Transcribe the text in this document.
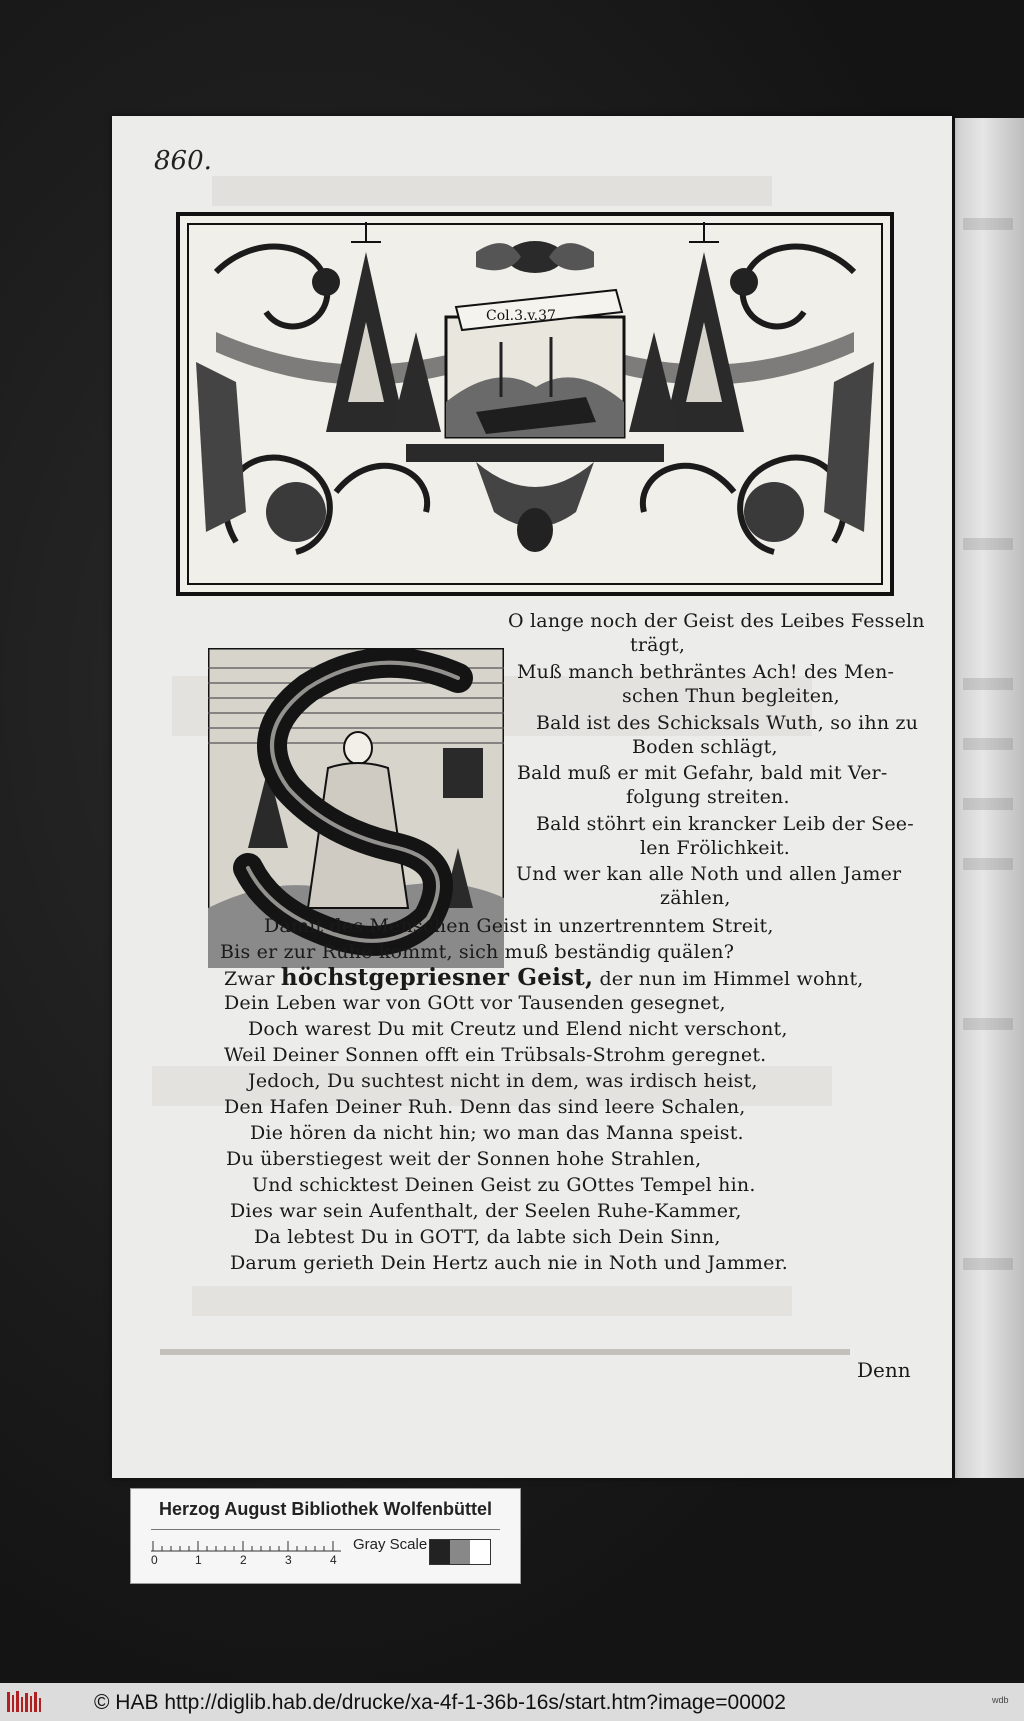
860.
Col.3.v.37.
O lange noch der Geist des Leibes Fesseln
trägt,
Muß manch bethräntes Ach! des Men-
schen Thun begleiten,
Bald ist des Schicksals Wuth, so ihn zu
Boden schlägt,
Bald muß er mit Gefahr, bald mit Ver-
folgung streiten.
Bald stöhrt ein krancker Leib der See-
len Frölichkeit.
Und wer kan alle Noth und allen Jamer
zählen,
Damit des Menschen Geist in unzertrenntem Streit,
Bis er zur Ruhe kommt, sich muß beständig quälen?
Zwar höchstgepriesner Geist, der nun im Himmel wohnt,
Dein Leben war von GOtt vor Tausenden gesegnet,
Doch warest Du mit Creutz und Elend nicht verschont,
Weil Deiner Sonnen offt ein Trübsals-Strohm geregnet.
Jedoch, Du suchtest nicht in dem, was irdisch heist,
Den Hafen Deiner Ruh. Denn das sind leere Schalen,
Die hören da nicht hin; wo man das Manna speist.
Du überstiegest weit der Sonnen hohe Strahlen,
Und schicktest Deinen Geist zu GOttes Tempel hin.
Dies war sein Aufenthalt, der Seelen Ruhe-Kammer,
Da lebtest Du in GOTT, da labte sich Dein Sinn,
Darum gerieth Dein Hertz auch nie in Noth und Jammer.
Denn
Herzog August Bibliothek Wolfenbüttel
0	1	2	3	4
Gray Scale
© HAB http://diglib.hab.de/drucke/xa-4f-1-36b-16s/start.htm?image=00002	wdb
